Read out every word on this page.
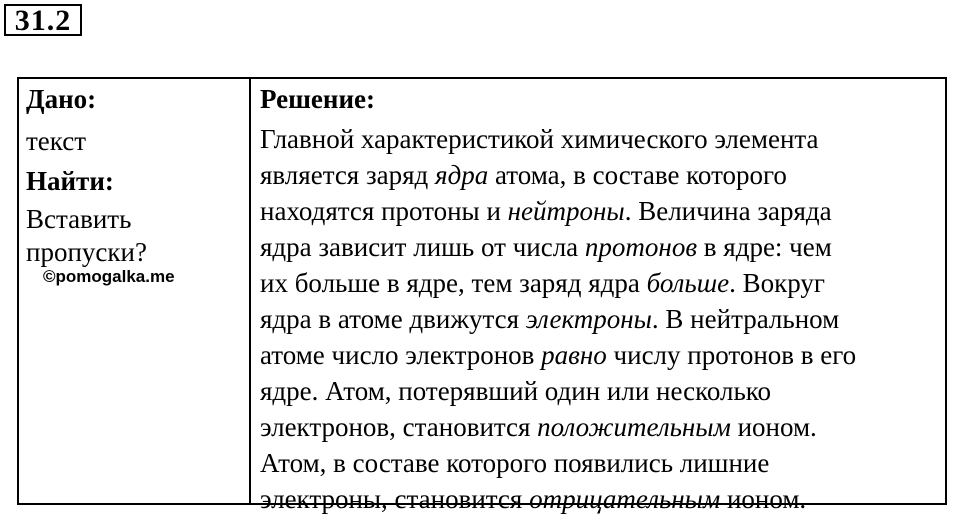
31.2
Дано:
текст
Найти:
Вставить
пропуски?
©pomogalka.me
Решение:
Главной характеристикой химического элемента
является заряд ядра атома, в составе которого
находятся протоны и нейтроны. Величина заряда
ядра зависит лишь от числа протонов в ядре: чем
их больше в ядре, тем заряд ядра больше. Вокруг
ядра в атоме движутся электроны. В нейтральном
атоме число электронов равно числу протонов в его
ядре. Атом, потерявший один или несколько
электронов, становится положительным ионом.
Атом, в составе которого появились лишние
электроны, становится отрицательным ионом.
